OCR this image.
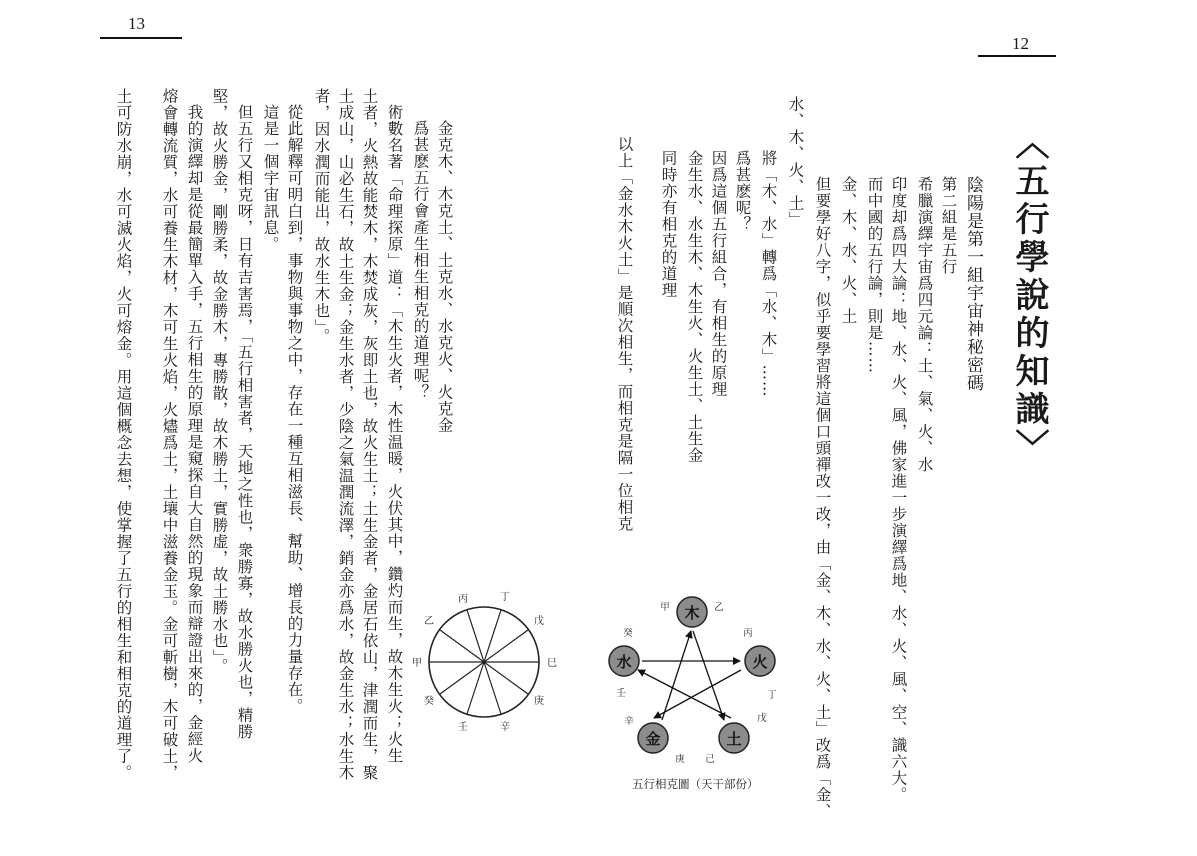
13
金克木、木克土、土克水、水克火、火克金
爲甚麽五行會產生相生相克的道理呢？
術數名著「命理探原」道：「木生火者，木性温暖，火伏其中，鑽灼而生，故木生火；火生
土者，火熱故能焚木，木焚成灰，灰即土也，故火生土；土生金者，金居石依山，津潤而生，聚
土成山，山必生石，故土生金；金生水者，少陰之氣温潤流澤，銷金亦爲水，故金生水；水生木
者，因水潤而能出，故水生木也」。
從此解釋可明白到，事物與事物之中，存在一種互相滋長、幫助、增長的力量存在。
這是一個宇宙訊息。
但五行又相克呀，日有吉害焉，「五行相害者，天地之性也，衆勝寡，故水勝火也，精勝
堅，故火勝金，剛勝柔，故金勝木，專勝散，故木勝土，實勝虚，故土勝水也」。
我的演繹却是從最簡單入手，五行相生的原理是窺探自大自然的現象而辯證出來的，金經火
熔會轉流質，水可養生木材，木可生火焰，火燼爲土，土壤中滋養金玉。金可斬樹，木可破土，
土可防水崩，水可滅火焰，火可熔金。用這個概念去想，使掌握了五行的相生和相克的道理了。	丙	丁
戊
巳
庚
辛
壬
癸
甲
乙
12
〈五行學說的知識〉
陰陽是第一組宇宙神秘密碼
第二組是五行
希臘演繹宇宙爲四元論：土、氣、火、水
印度却爲四大論：地、水、火、風，佛家進一步演繹爲地、水、火、風、空、識六大。
而中國的五行論，則是……
金、木、水、火、土
但要學好八字，似乎要學習將這個口頭禪改一改，由「金、木、水、火、土」改爲「金、
水、木、火、土」
將「木、水」轉爲「水、木」……
爲甚麽呢？
因爲這個五行組合，有相生的原理
金生水、水生木、木生火、火生土、土生金
同時亦有相克的道理
以上「金水木火土」是順次相生，而相克是隔一位相克
木
火
土
金
水
甲	乙
丙
丁
戊
己
庚
辛
壬
癸
五行相克圖（天干部份）
